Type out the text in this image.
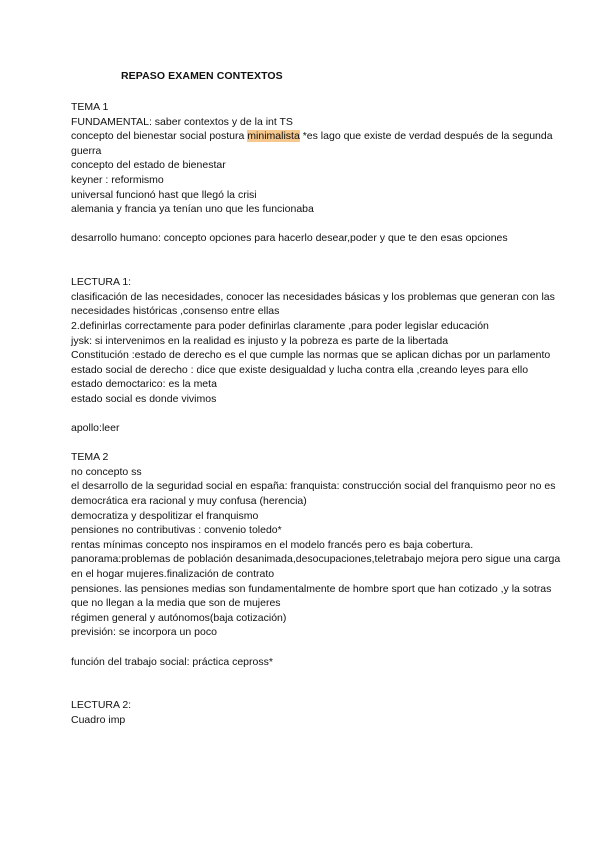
REPASO EXAMEN CONTEXTOS
TEMA 1
FUNDAMENTAL: saber contextos y de la int TS
concepto del bienestar social postura minimalista *es lago que existe de verdad después de la segunda guerra
concepto del estado de bienestar
keyner : reformismo
universal funcionó hast que llegó la crisi
alemania y francia ya tenían uno que les funcionaba
desarrollo humano: concepto opciones para hacerlo desear,poder y que te den esas opciones
LECTURA 1:
clasificación de las necesidades, conocer las necesidades básicas y los problemas que generan con las necesidades históricas ,consenso entre ellas
2.definirlas correctamente para poder definirlas claramente ,para poder legislar educación
jysk: si intervenimos en la realidad es injusto y la pobreza es parte de la libertada
Constitución :estado de derecho es el que cumple las normas que se aplican dichas por un parlamento
estado social de derecho : dice que existe desigualdad y lucha contra ella ,creando leyes para ello
estado democtarico: es la meta
estado social es donde vivimos
apollo:leer
TEMA 2
no concepto ss
el desarrollo de la seguridad social en españa: franquista: construcción social del franquismo peor no es democrática era racional y muy confusa (herencia)
democratiza y despolitizar el franquismo
pensiones no contributivas : convenio toledo*
rentas mínimas concepto nos inspiramos en el modelo francés pero es baja cobertura.
panorama:problemas de población desanimada,desocupaciones,teletrabajo mejora pero sigue una carga en el hogar mujeres.finalización de contrato
pensiones. las pensiones medias son fundamentalmente de hombre sport que han cotizado ,y la sotras que no llegan a la media que son de mujeres
régimen general y autónomos(baja cotización)
previsión: se incorpora un poco
función del trabajo social: práctica cepross*
LECTURA 2:
Cuadro imp
